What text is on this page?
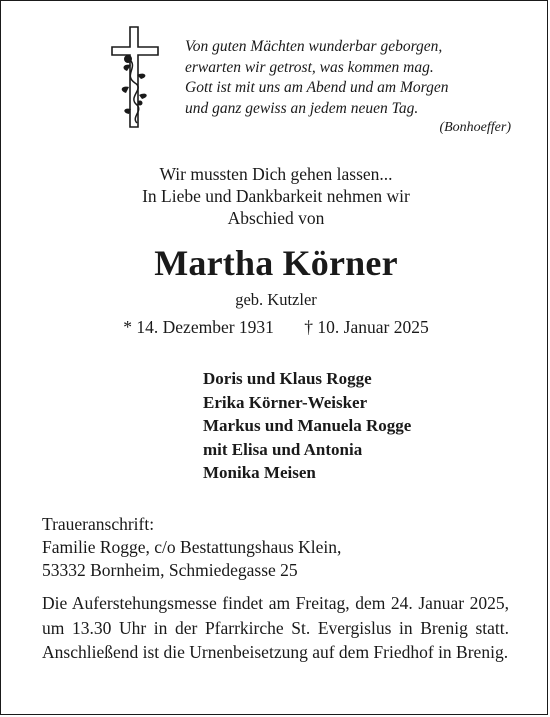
Von guten Mächten wunderbar geborgen,
erwarten wir getrost, was kommen mag.
Gott ist mit uns am Abend und am Morgen
und ganz gewiss an jedem neuen Tag.
(Bonhoeffer)
Wir mussten Dich gehen lassen...
In Liebe und Dankbarkeit nehmen wir
Abschied von
Martha Körner
geb. Kutzler
* 14. Dezember 1931 † 10. Januar 2025
Doris und Klaus Rogge
Erika Körner-Weisker
Markus und Manuela Rogge
mit Elisa und Antonia
Monika Meisen
Traueranschrift:
Familie Rogge, c/o Bestattungshaus Klein,
53332 Bornheim, Schmiedegasse 25
Die Auferstehungsmesse findet am Freitag, dem 24. Januar 2025, um 13.30 Uhr in der Pfarrkirche St. Evergislus in Brenig statt. Anschließend ist die Urnenbeisetzung auf dem Friedhof in Brenig.
